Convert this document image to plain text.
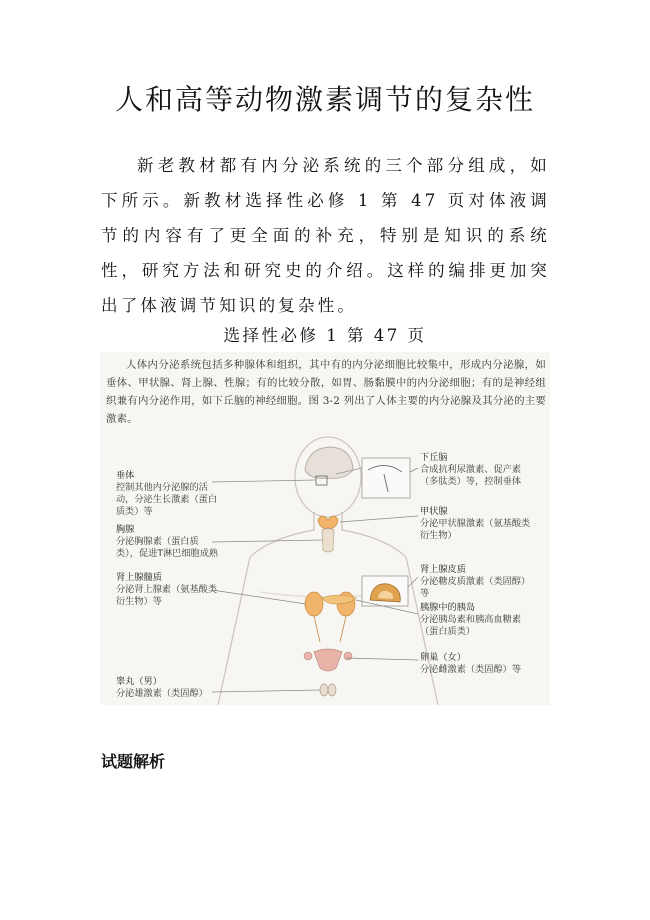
人和高等动物激素调节的复杂性

新老教材都有内分泌系统的三个部分组成，如下所示。新教材选择性必修 1 第 47 页对体液调节的内容有了更全面的补充，特别是知识的系统性，研究方法和研究史的介绍。这样的编排更加突出了体液调节知识的复杂性。

选择性必修 1 第 47 页

人体内分泌系统包括多种腺体和组织，其中有的内分泌细胞比较集中，形成内分泌腺，如垂体、甲状腺、肾上腺、性腺；有的比较分散，如胃、肠黏膜中的内分泌细胞；有的是神经组织兼有内分泌作用，如下丘脑的神经细胞。图 3-2 列出了人体主要的内分泌腺及其分泌的主要激素。

垂体
控制其他内分泌腺的活动，分泌生长激素（蛋白质类）等
胸腺
分泌胸腺素（蛋白质类），促进T淋巴细胞成熟
肾上腺髓质
分泌肾上腺素（氨基酸类衍生物）等
睾丸（男）
分泌雄激素（类固醇）
下丘脑
合成抗利尿激素、促产素（多肽类）等，控制垂体
甲状腺
分泌甲状腺激素（氨基酸类衍生物）
肾上腺皮质
分泌糖皮质激素（类固醇）等
胰腺中的胰岛
分泌胰岛素和胰高血糖素（蛋白质类）
卵巢（女）
分泌雌激素（类固醇）等
试题解析
